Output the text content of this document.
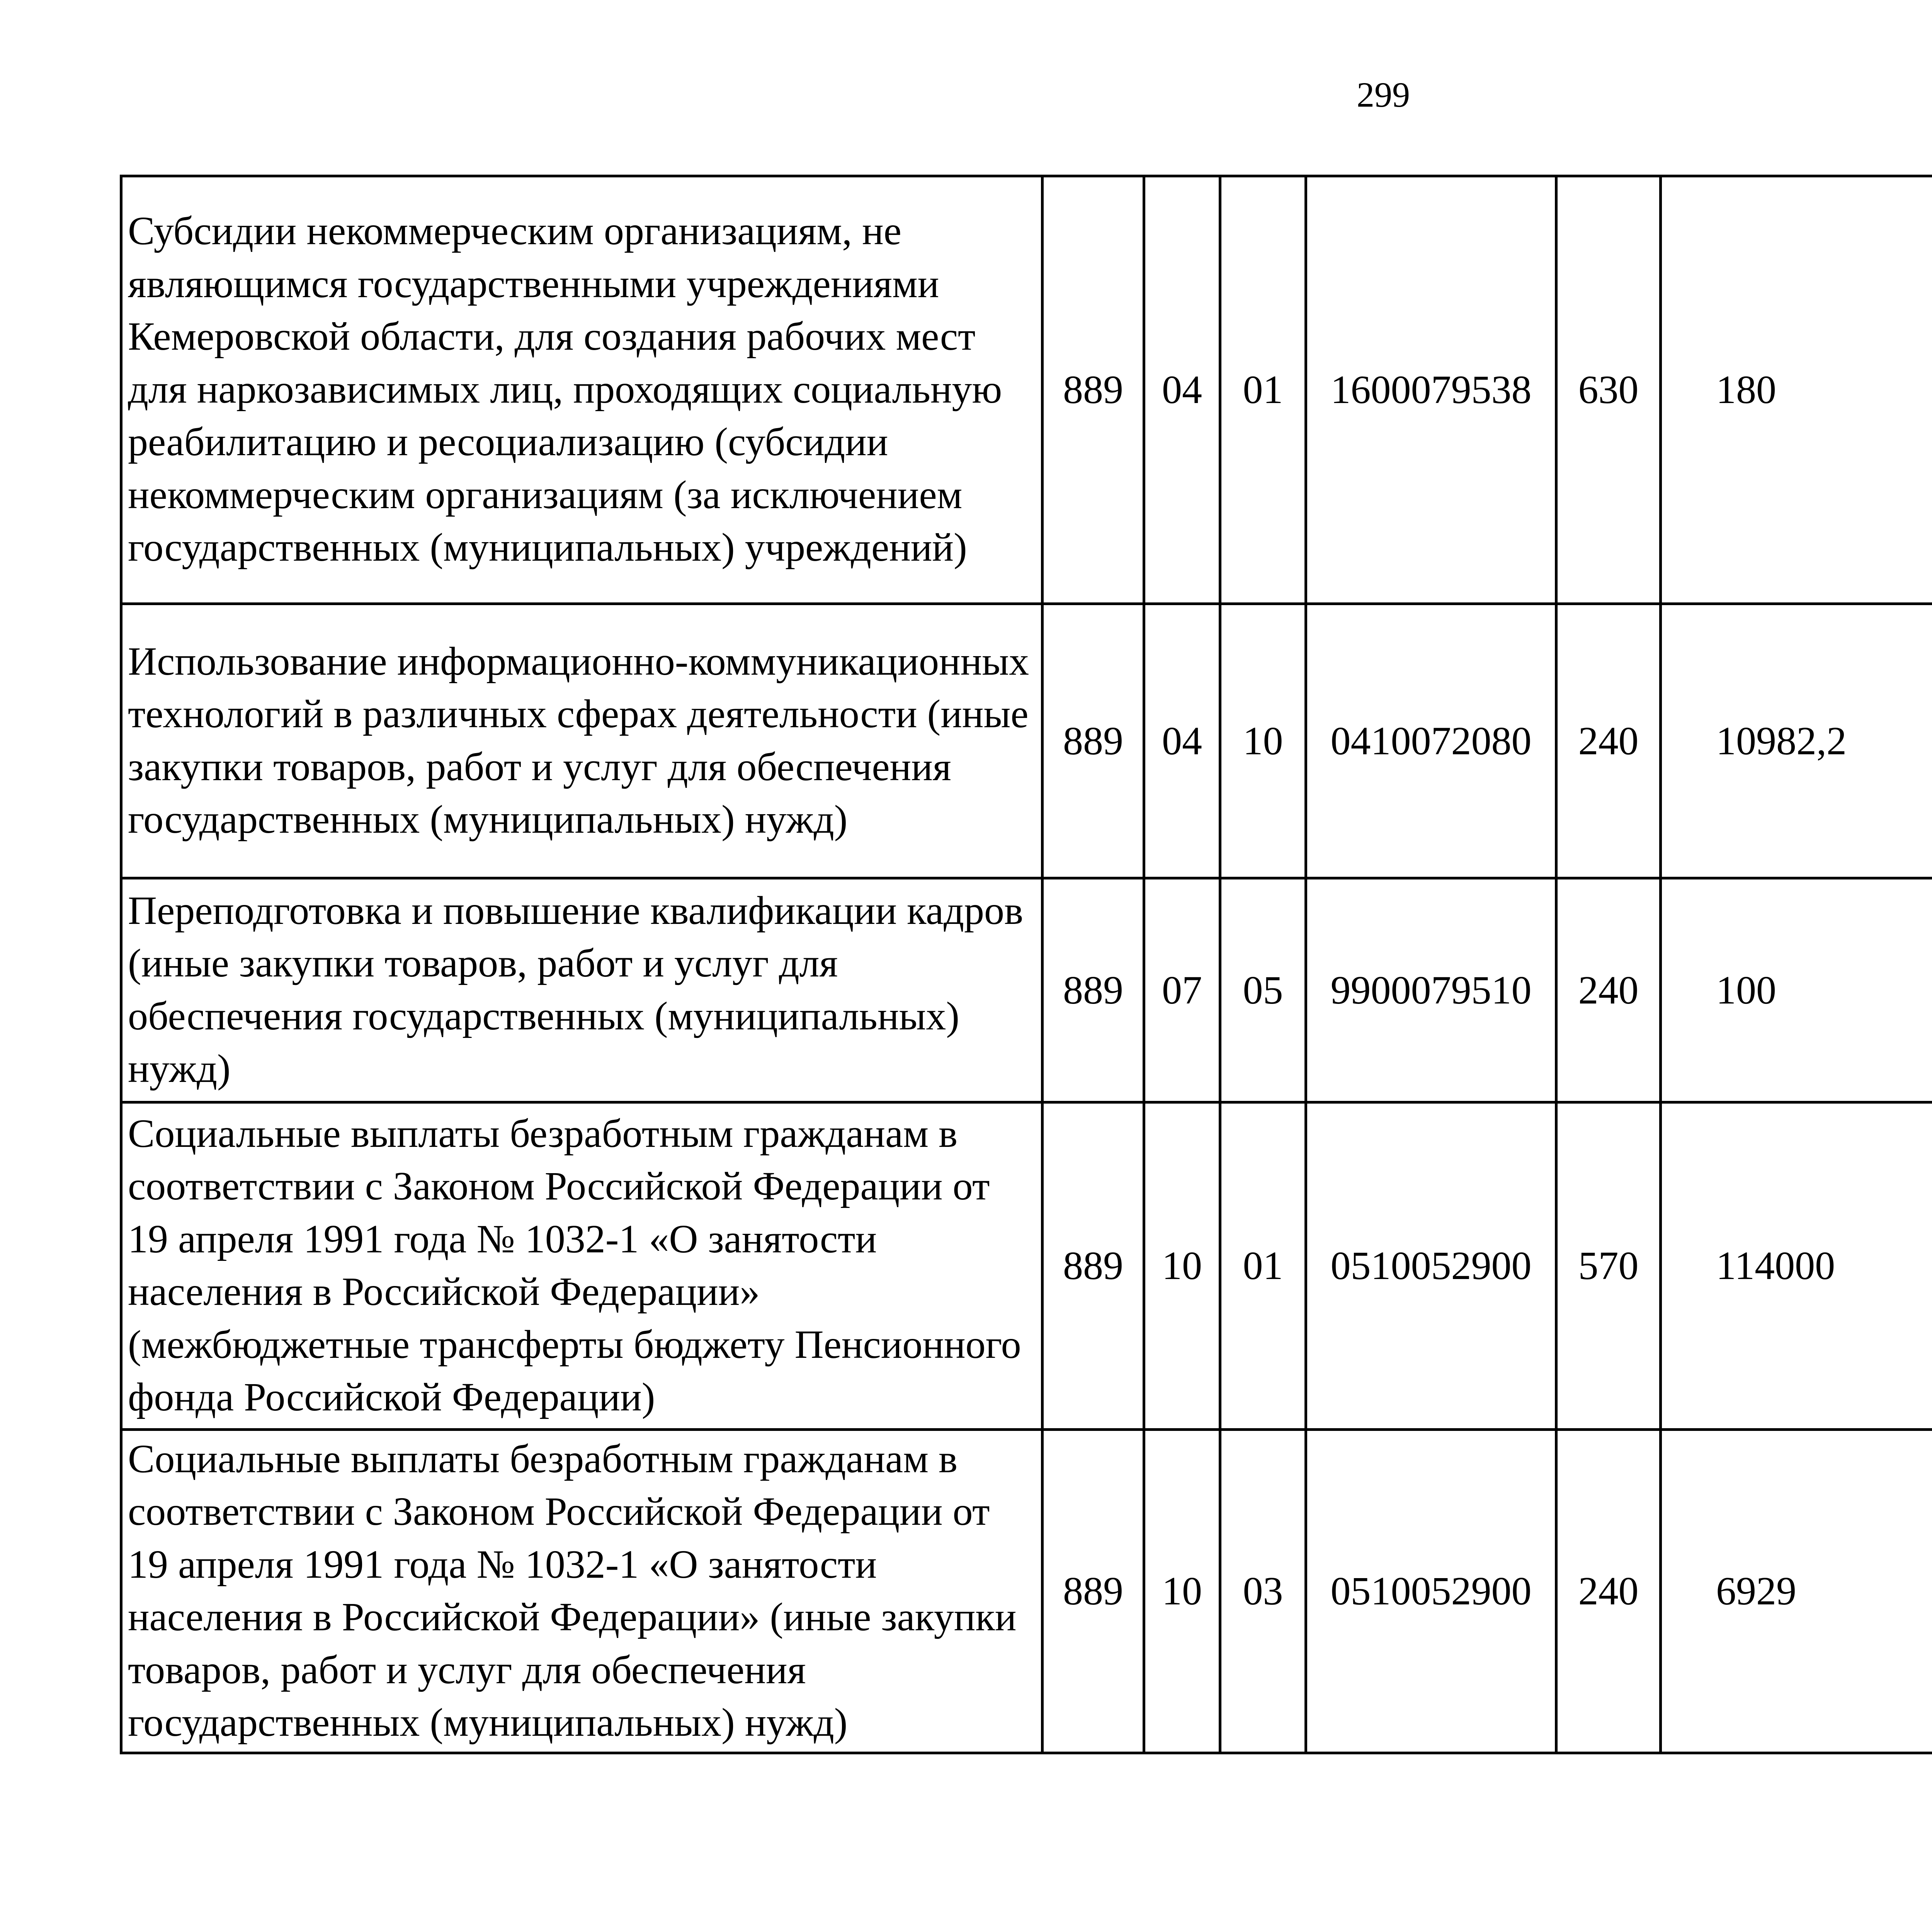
299
Субсидии некоммерческим организациям, не являющимся государственными учреждениями Кемеровской области, для создания рабочих мест для наркозависимых лиц, проходящих социальную реабилитацию и ресоциализацию (субсидии некоммерческим организациям (за исключением государственных (муниципальных) учреждений)	889	04	01	1600079538	630	180		
Использование информационно-коммуникационных технологий в различных сферах деятельности (иные закупки товаров, работ и услуг для обеспечения государственных (муниципальных) нужд)	889	04	10	0410072080	240	10982,2		
Переподготовка и повышение квалификации кадров (иные закупки товаров, работ и услуг для обеспечения государственных (муниципальных) нужд)	889	07	05	9900079510	240	100		
Социальные выплаты безработным гражданам в соответствии с Законом Российской Федерации от 19 апреля 1991 года № 1032-1 «О занятости населения в Российской Федерации» (межбюджетные трансферты бюджету Пенсионного фонда Российской Федерации)	889	10	01	0510052900	570	114000		
Социальные выплаты безработным гражданам в соответствии с Законом Российской Федерации от 19 апреля 1991 года № 1032-1 «О занятости населения в Российской Федерации» (иные закупки товаров, работ и услуг для обеспечения государственных (муниципальных) нужд)	889	10	03	0510052900	240	6929		
